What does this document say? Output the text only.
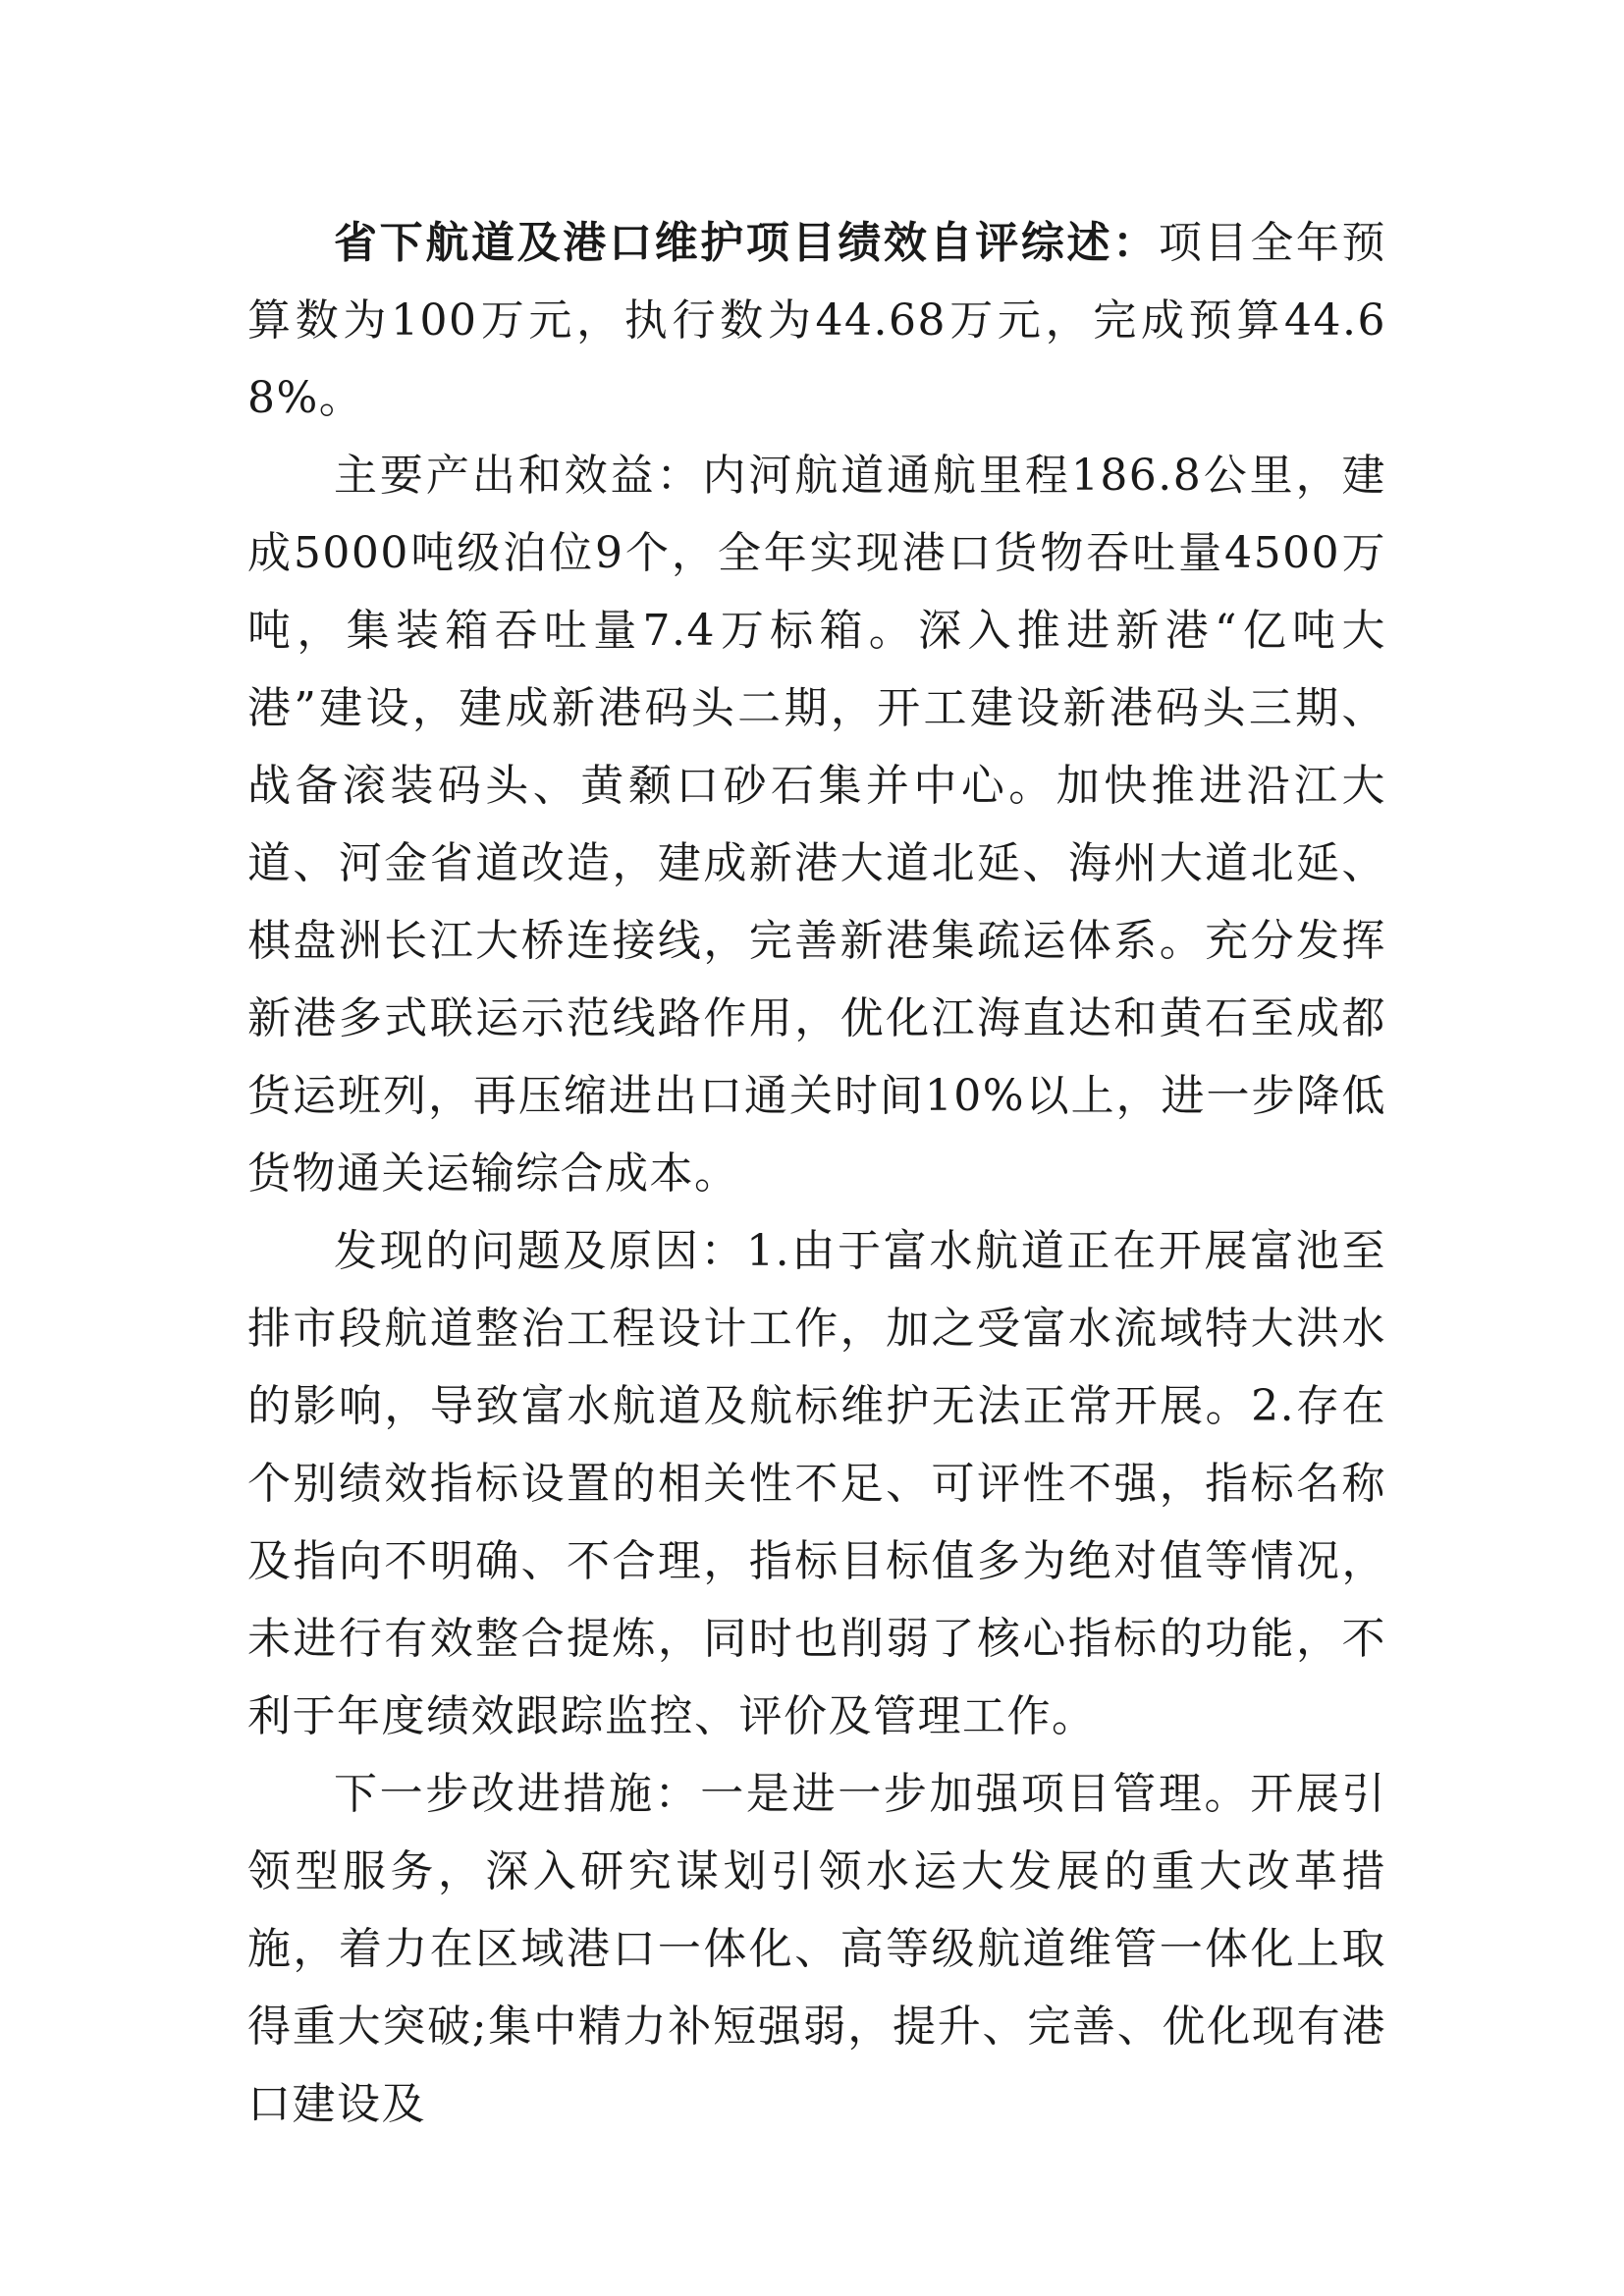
省下航道及港口维护项目绩效自评综述：项目全年预算数为100万元，执行数为44.68万元，完成预算44.68%。

主要产出和效益：内河航道通航里程186.8公里，建成5000吨级泊位9个，全年实现港口货物吞吐量4500万吨，集装箱吞吐量7.4万标箱。深入推进新港“亿吨大港”建设，建成新港码头二期，开工建设新港码头三期、战备滚装码头、黄颡口砂石集并中心。加快推进沿江大道、河金省道改造，建成新港大道北延、海州大道北延、棋盘洲长江大桥连接线，完善新港集疏运体系。充分发挥新港多式联运示范线路作用，优化江海直达和黄石至成都货运班列，再压缩进出口通关时间10%以上，进一步降低货物通关运输综合成本。

发现的问题及原因：1.由于富水航道正在开展富池至排市段航道整治工程设计工作，加之受富水流域特大洪水的影响，导致富水航道及航标维护无法正常开展。2.存在个别绩效指标设置的相关性不足、可评性不强，指标名称及指向不明确、不合理，指标目标值多为绝对值等情况，未进行有效整合提炼，同时也削弱了核心指标的功能，不利于年度绩效跟踪监控、评价及管理工作。

下一步改进措施：一是进一步加强项目管理。开展引领型服务，深入研究谋划引领水运大发展的重大改革措施，着力在区域港口一体化、高等级航道维管一体化上取得重大突破;集中精力补短强弱，提升、完善、优化现有港口建设及
